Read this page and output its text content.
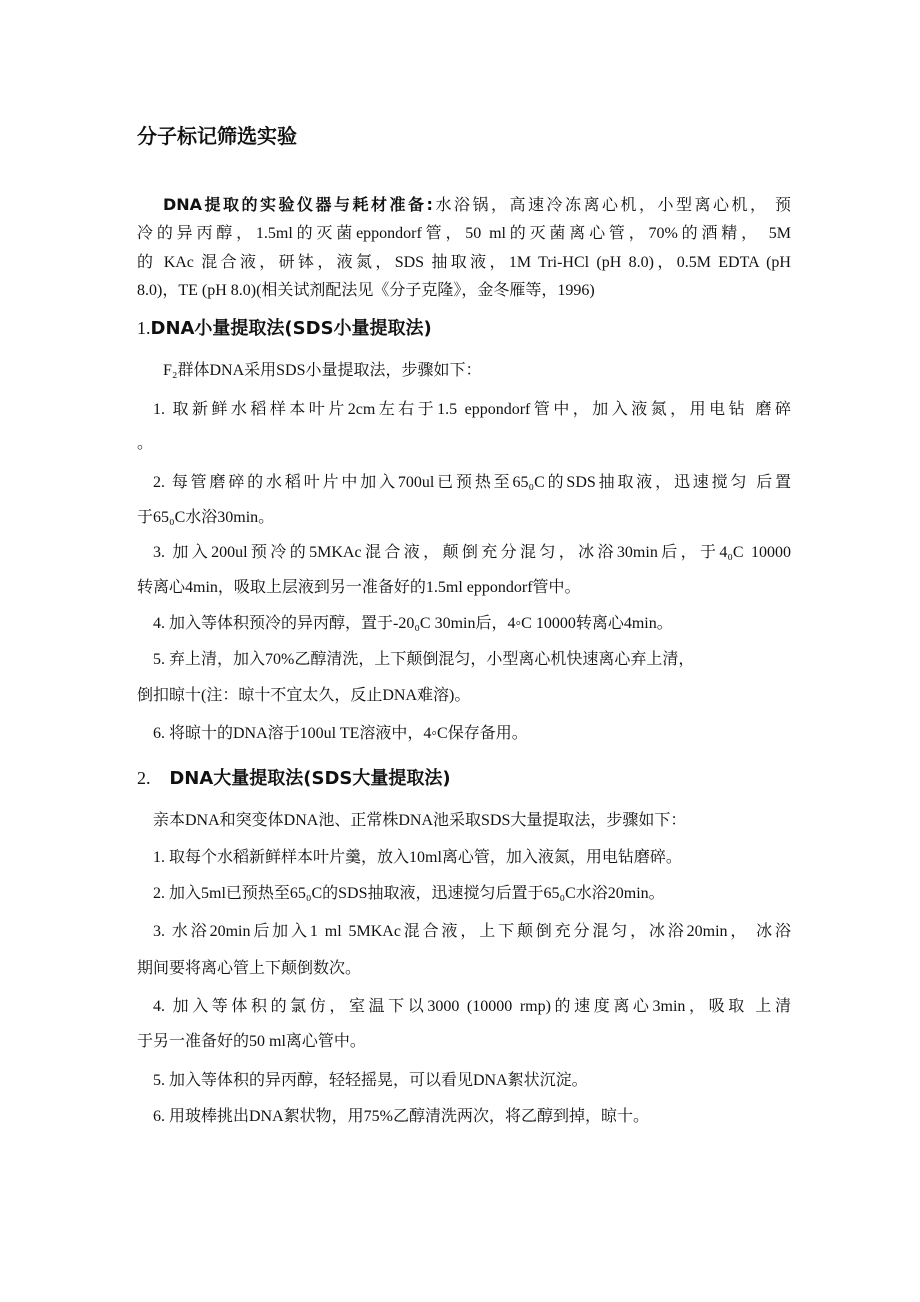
分子标记筛选实验
DNA提取的实验仪器与耗材准备:水浴锅，高速冷冻离心机，小型离心机， 预
冷的异丙醇，1.5ml的灭菌eppondorf管，50 ml的灭菌离心管，70%的酒精， 5M
的 KAc 混合液，研钵，液氮，SDS 抽取液，1M Tri-HCl (pH 8.0)，0.5M EDTA (pH
8.0)，TE (pH 8.0)(相关试剂配法见《分子克隆》，金冬雁等，1996)
1.DNA小量提取法(SDS小量提取法)
F₂群体DNA采用SDS小量提取法，步骤如下：
1. 取新鲜水稻样本叶片2cm左右于1.5 eppondorf管中，加入液氮，用电钻 磨碎
。
2. 每管磨碎的水稻叶片中加入700ul已预热至65₀C的SDS抽取液，迅速搅匀 后置
于65₀C水浴30min。
3. 加入200ul预冷的5MKAc混合液，颠倒充分混匀，冰浴30min后，于4₀C 10000
转离心4min，吸取上层液到另一准备好的1.5ml eppondorf管中。
4. 加入等体积预冷的异丙醇，置于-20₀C 30min后，4◦C 10000转离心4min。
5. 弃上清，加入70%乙醇清洗，上下颠倒混匀，小型离心机快速离心弃上清，
倒扣晾十(注：晾十不宜太久，反止DNA难溶)。
6. 将晾十的DNA溶于100ul TE溶液中，4◦C保存备用。
2. DNA大量提取法(SDS大量提取法)
亲本DNA和突变体DNA池、正常株DNA池采取SDS大量提取法，步骤如下：
1. 取每个水稻新鲜样本叶片羹，放入10ml离心管，加入液氮，用电钻磨碎。
2. 加入5ml已预热至65₀C的SDS抽取液，迅速搅匀后置于65₀C水浴20min。
3. 水浴20min后加入1 ml 5MKAc混合液，上下颠倒充分混匀，冰浴20min， 冰浴
期间要将离心管上下颠倒数次。
4. 加入等体积的氯仿，室温下以3000 (10000 rmp)的速度离心3min，吸取 上清
于另一准备好的50 ml离心管中。
5. 加入等体积的异丙醇，轻轻摇晃，可以看见DNA絮状沉淀。
6. 用玻棒挑出DNA絮状物，用75%乙醇清洗两次，将乙醇到掉，晾十。
